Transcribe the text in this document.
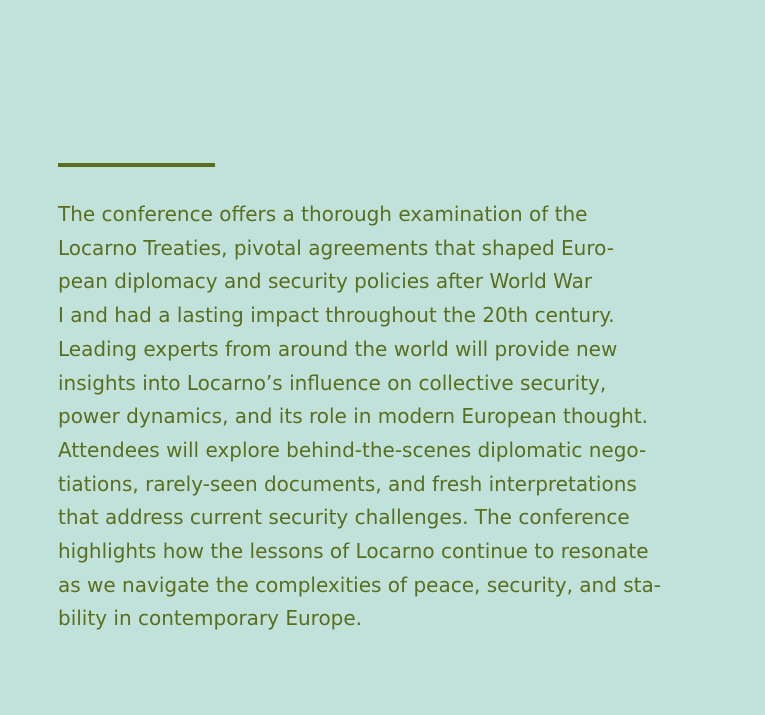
The conference offers a thorough examination of the
Locarno Treaties, pivotal agreements that shaped Euro-
pean diplomacy and security policies after World War
I and had a lasting impact throughout the 20th century.
Leading experts from around the world will provide new
insights into Locarno’s influence on collective security,
power dynamics, and its role in modern European thought.
Attendees will explore behind-the-scenes diplomatic nego-
tiations, rarely-seen documents, and fresh interpretations
that address current security challenges. The conference
highlights how the lessons of Locarno continue to resonate
as we navigate the complexities of peace, security, and sta-
bility in contemporary Europe.
